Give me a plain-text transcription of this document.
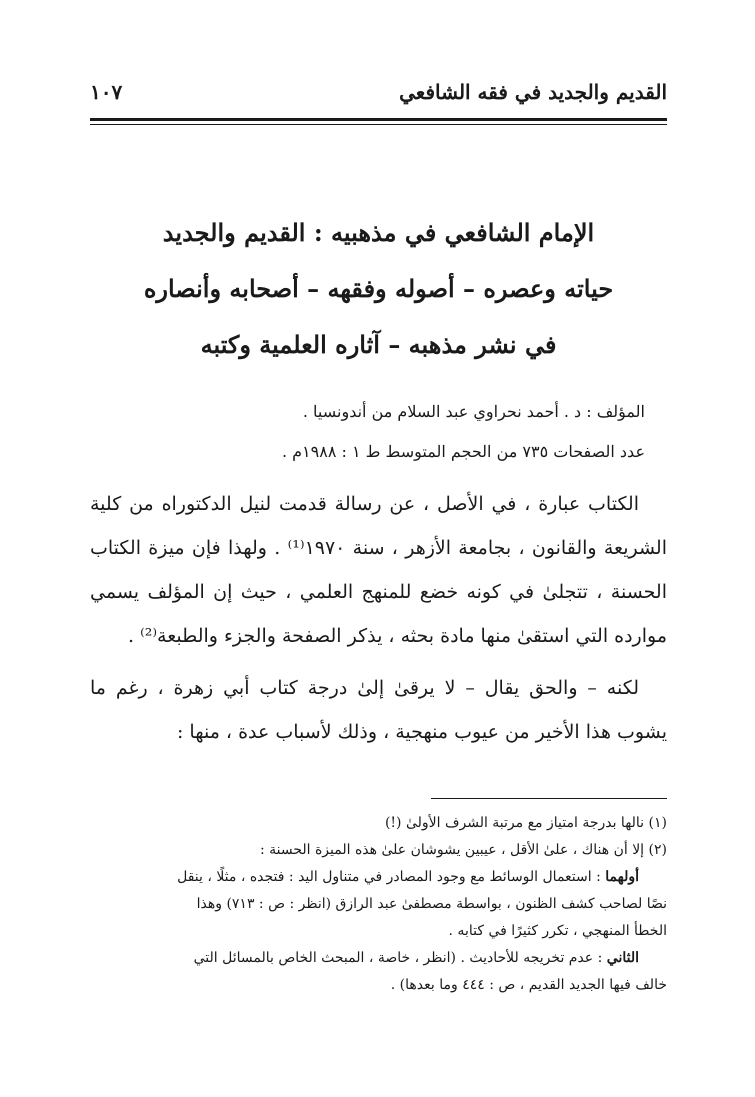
القديم والجديد في فقه الشافعي
١٠٧
الإمام الشافعي في مذهبيه : القديم والجديد
حياته وعصره – أصوله وفقهه – أصحابه وأنصاره
في نشر مذهبه – آثاره العلمية وكتبه
المؤلف : د . أحمد نحراوي عبد السلام من أندونسيا .
عدد الصفحات ٧٣٥ من الحجم المتوسط ط ١ : ١٩٨٨م .

الكتاب عبارة ، في الأصل ، عن رسالة قدمت لنيل الدكتوراه من كلية الشريعة والقانون ، بجامعة الأزهر ، سنة ١٩٧٠⁽¹⁾ . ولهذا فإن ميزة الكتاب الحسنة ، تتجلىٰ في كونه خضع للمنهج العلمي ، حيث إن المؤلف يسمي موارده التي استقىٰ منها مادة بحثه ، يذكر الصفحة والجزء والطبعة⁽²⁾ .

لكنه – والحق يقال – لا يرقىٰ إلىٰ درجة كتاب أبي زهرة ، رغم ما يشوب هذا الأخير من عيوب منهجية ، وذلك لأسباب عدة ، منها :

(١) نالها بدرجة امتياز مع مرتبة الشرف الأولىٰ (!)
(٢) إلا أن هناك ، علىٰ الأقل ، عيبين يشوشان علىٰ هذه الميزة الحسنة :
أولهما : استعمال الوسائط مع وجود المصادر في متناول اليد : فتجده ، مثلًا ، ينقل
نصًا لصاحب كشف الظنون ، بواسطة مصطفىٰ عبد الرازق (انظر : ص : ٧١٣) وهذا
الخطأ المنهجي ، تكرر كثيرًا في كتابه .
الثاني : عدم تخريجه للأحاديث . (انظر ، خاصة ، المبحث الخاص بالمسائل التي
خالف فيها الجديد القديم ، ص : ٤٤٤ وما بعدها) .
